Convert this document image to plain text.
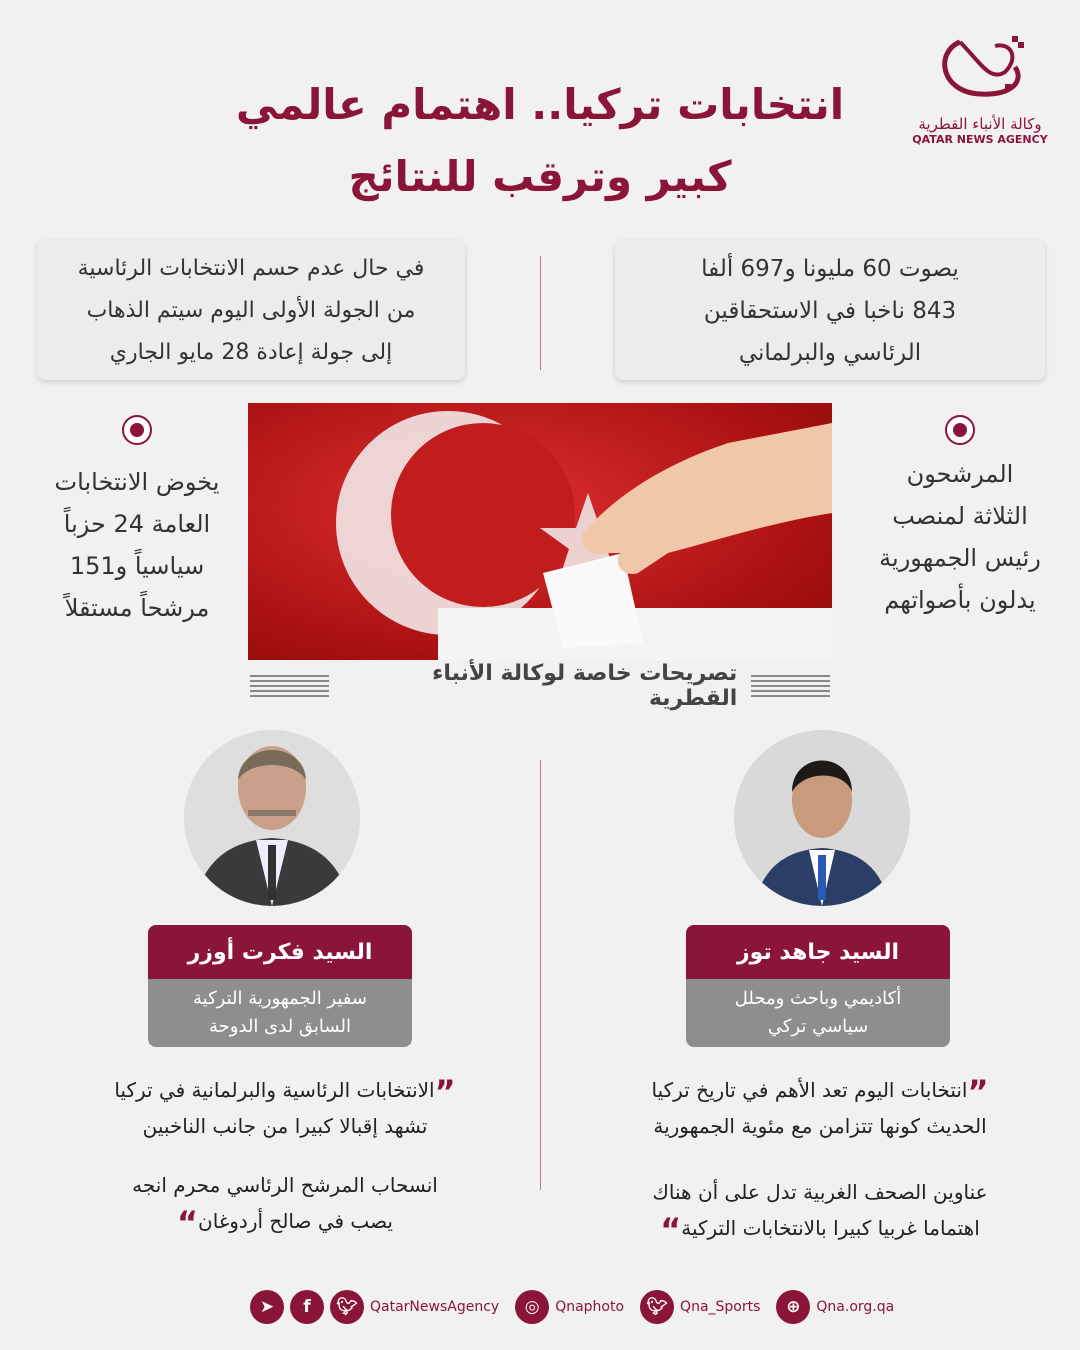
وكالة الأنباء القطرية
QATAR NEWS AGENCY
انتخابات تركيا.. اهتمام عالمي
كبير وترقب للنتائج
يصوت 60 مليونا و697 ألفا
843 ناخبا في الاستحقاقين
الرئاسي والبرلماني
في حال عدم حسم الانتخابات الرئاسية
من الجولة الأولى اليوم سيتم الذهاب
إلى جولة إعادة 28 مايو الجاري
المرشحون
الثلاثة لمنصب
رئيس الجمهورية
يدلون بأصواتهم
يخوض الانتخابات
العامة 24 حزباً
سياسياً و151
مرشحاً مستقلاً
تصريحات خاصة لوكالة الأنباء القطرية
السيد جاهد توز
أكاديمي وباحث ومحلل
سياسي تركي
”انتخابات اليوم تعد الأهم في تاريخ تركيا
الحديث كونها تتزامن مع مئوية الجمهورية
عناوين الصحف الغربية تدل على أن هناك
اهتماما غربيا كبيرا بالانتخابات التركية“
السيد فكرت أوزر
سفير الجمهورية التركية
السابق لدى الدوحة
”الانتخابات الرئاسية والبرلمانية في تركيا
تشهد إقبالا كبيرا من جانب الناخبين
انسحاب المرشح الرئاسي محرم انجه
يصب في صالح أردوغان“
➤	f	🐦︎ QatarNewsAgency	◎	Qnaphoto	🐦︎ Qna_Sports	⊕	Qna.org.qa
